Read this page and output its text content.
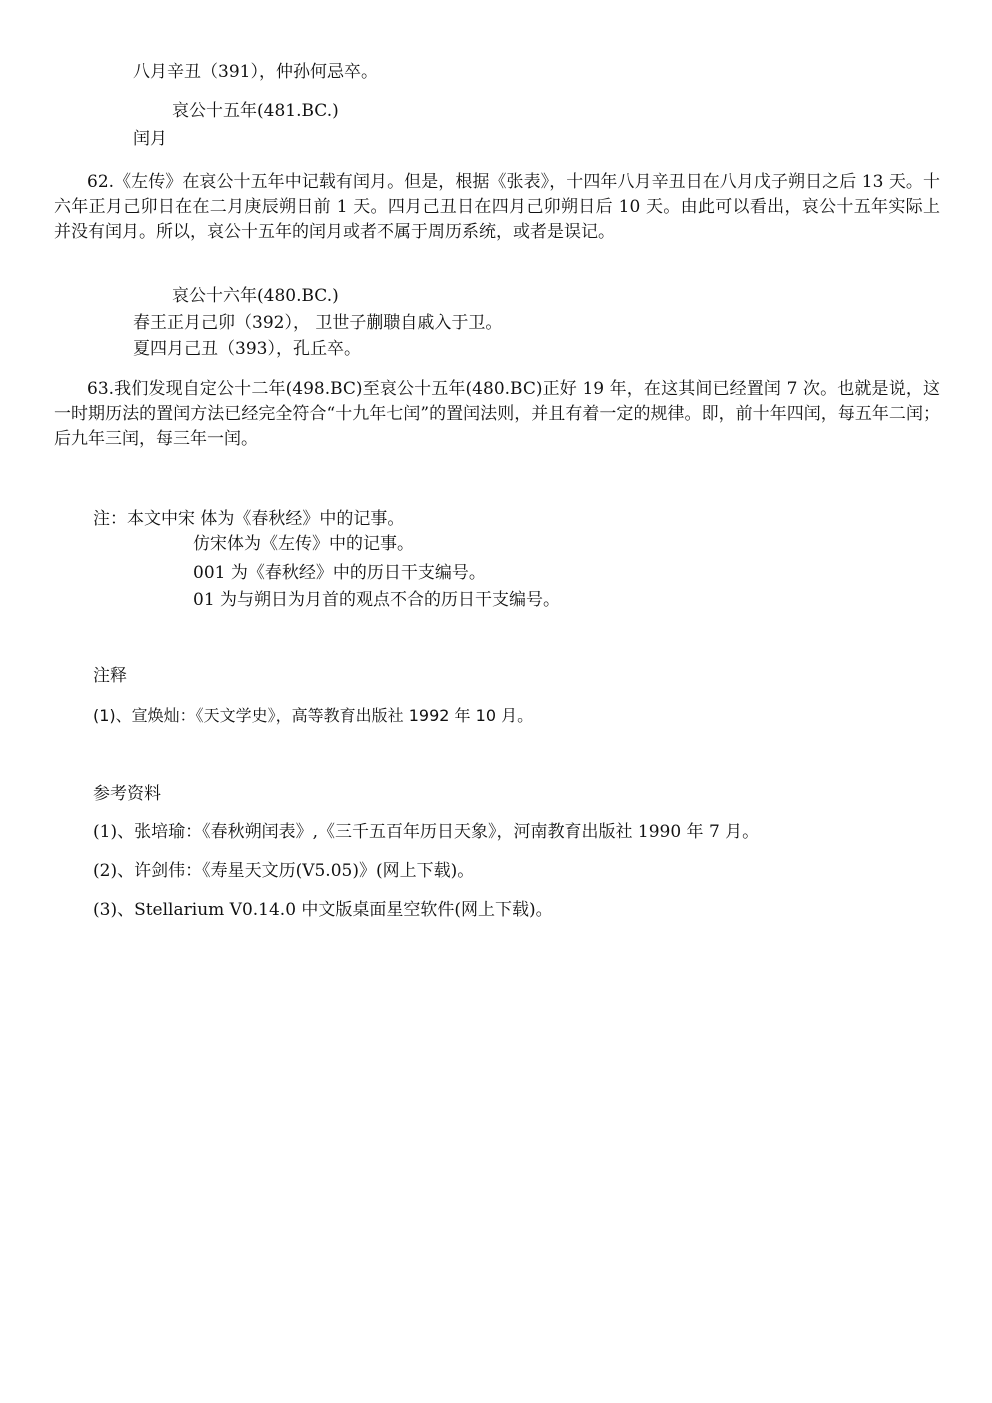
八月辛丑（391），仲孙何忌卒。
哀公十五年(481.BC.)
闰月
62.《左传》在哀公十五年中记载有闰月。但是，根据《张表》，十四年八月辛丑日在八月戊子朔日之后 13 天。十六年正月己卯日在在二月庚辰朔日前 1 天。四月己丑日在四月己卯朔日后 10 天。由此可以看出，哀公十五年实际上并没有闰月。所以，哀公十五年的闰月或者不属于周历系统，或者是误记。
哀公十六年(480.BC.)
春王正月己卯（392）， 卫世子蒯聩自戚入于卫。
夏四月己丑（393），孔丘卒。
63.我们发现自定公十二年(498.BC)至哀公十五年(480.BC)正好 19 年，在这其间已经置闰 7 次。也就是说，这一时期历法的置闰方法已经完全符合“十九年七闰”的置闰法则，并且有着一定的规律。即，前十年四闰，每五年二闰；后九年三闰，每三年一闰。
注：本文中宋 体为《春秋经》中的记事。
仿宋体为《左传》中的记事。
001 为《春秋经》中的历日干支编号。
01 为与朔日为月首的观点不合的历日干支编号。
注释
(1)、宣焕灿：《天文学史》，高等教育出版社 1992 年 10 月。
参考资料
(1)、张培瑜：《春秋朔闰表》,《三千五百年历日天象》，河南教育出版社 1990 年 7 月。
(2)、许剑伟：《寿星天文历(V5.05)》(网上下载)。
(3)、Stellarium V0.14.0 中文版桌面星空软件(网上下载)。
